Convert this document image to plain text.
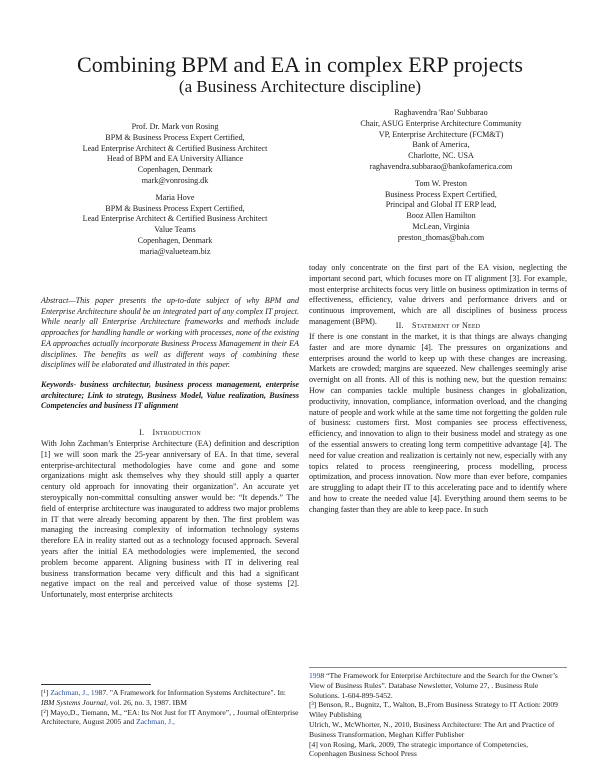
Combining BPM and EA in complex ERP projects
(a Business Architecture discipline)
Prof. Dr. Mark von Rosing
BPM & Business Process Expert Certified,
Lead Enterprise Architect & Certified Business Architect
Head of BPM and EA University Alliance
Copenhagen, Denmark
mark@vonrosing.dk
Maria Hove
BPM & Business Process Expert Certified,
Lead Enterprise Architect & Certified Business Architect
Value Teams
Copenhagen, Denmark
maria@valueteam.biz
Raghavendra 'Rao' Subbarao
Chair, ASUG Enterprise Architecture Community
VP, Enterprise Architecture (FCM&T)
Bank of America,
Charlotte, NC. USA
raghavendra.subbarao@bankofamerica.com
Tom W. Preston
Business Process Expert Certified,
Principal and Global IT ERP lead,
Booz Allen Hamilton
McLean, Virginia
preston_thomas@bah.com
Abstract—This paper presents the up-to-date subject of why BPM and Enterprise Architecture should be an integrated part of any complex IT project. While nearly all Enterprise Architecture frameworks and methods include approaches for handling handle or working with processes, none of the existing EA approaches actually incorporate Business Process Management in their EA disciplines. The benefits as well as different ways of combining these disciplines will be elaborated and illustrated in this paper.
Keywords- business architectur, business process management, enterprise architecture; Link to strategy, Business Model, Value realization, Business Competencies and business IT alignment
I. Introduction
With John Zachman’s Enterprise Architecture (EA) definition and description [1] we will soon mark the 25-year anniversary of EA. In that time, several enterprise-architectural methodologies have come and gone and some organizations might ask themselves why they should still apply a quarter century old approach for innovating their organization". An accurate yet steroypically non-committal consulting answer would be: “It depends.” The field of enterprise architecture was inaugurated to address two major problems in IT that were already becoming apparent by then. The first problem was managing the increasing complexity of information technology systems therefore EA in reality started out as a technology focused approach. Several years after the initial EA methodologies were implemented, the second problem become apparent. Aligning business with IT in delivering real business transformation became very difficult and this had a significant negative impact on the real and perceived value of those systems [2]. Unfortunately, most enterprise architects
today only concentrate on the first part of the EA vision, neglecting the important second part, which focuses more on IT alignment [3]. For example, most enterprise architects focus very little on business optimization in terms of effectiveness, efficiency, value drivers and performance drivers and or continuous improvement, which are all disciplines of business process management (BPM).	II. Statement of Need
If there is one constant in the market, it is that things are always changing faster and are more dynamic [4]. The pressures on organizations and enterprises around the world to keep up with these changes are increasing. Markets are crowded; margins are squeezed. New challenges seemingly arise overnight on all fronts. All of this is nothing new, but the question remains: How can companies tackle multiple business changes in globalization, productivity, innovation, compliance, information overload, and the changing nature of people and work while at the same time not forgetting the golden rule of business: customers first. Most companies see process effectiveness, efficiency, and innovation to align to their business model and strategy as one of the essential answers to creating long term competitive advantage [4]. The need for value creation and realization is certainly not new, especially with any topics related to process reengineering, process modelling, process optimization, and process innovation. Now more than ever before, companies are struggling to adapt their IT to this accelerating pace and to identify where and how to create the needed value [4]. Everything around them seems to be changing faster than they are able to keep pace. In such
[¹] Zachman, J., 1987. "A Framework for Information Systems Architecture". In: IBM Systems Journal, vol. 26, no. 3, 1987. IBM
[²] Mayo,D., Tiemann, M., “EA: Its Not Just for IT Anymore”, , Journal ofEnterprise Architecture, August 2005 and Zachman, J.,
1998 “The Framework for Enterprise Architecture and the Search for the Owner’s View of Business Rules”. Database Newsletter, Volume 27, . Business Rule Solutions. 1-604-899-5452.
[³] Benson, R., Bugnitz, T., Walton, B.,From Business Strategy to IT Action: 2009 Wiley Publishing
Ulrich, W., McWhorter, N., 2010, Business Architecture: The Art and Practice of Business Transformation, Meghan Kiffer Publisher
[4] von Rosing, Mark, 2009, The strategic importance of Competencies, Copenhagen Business School Press
